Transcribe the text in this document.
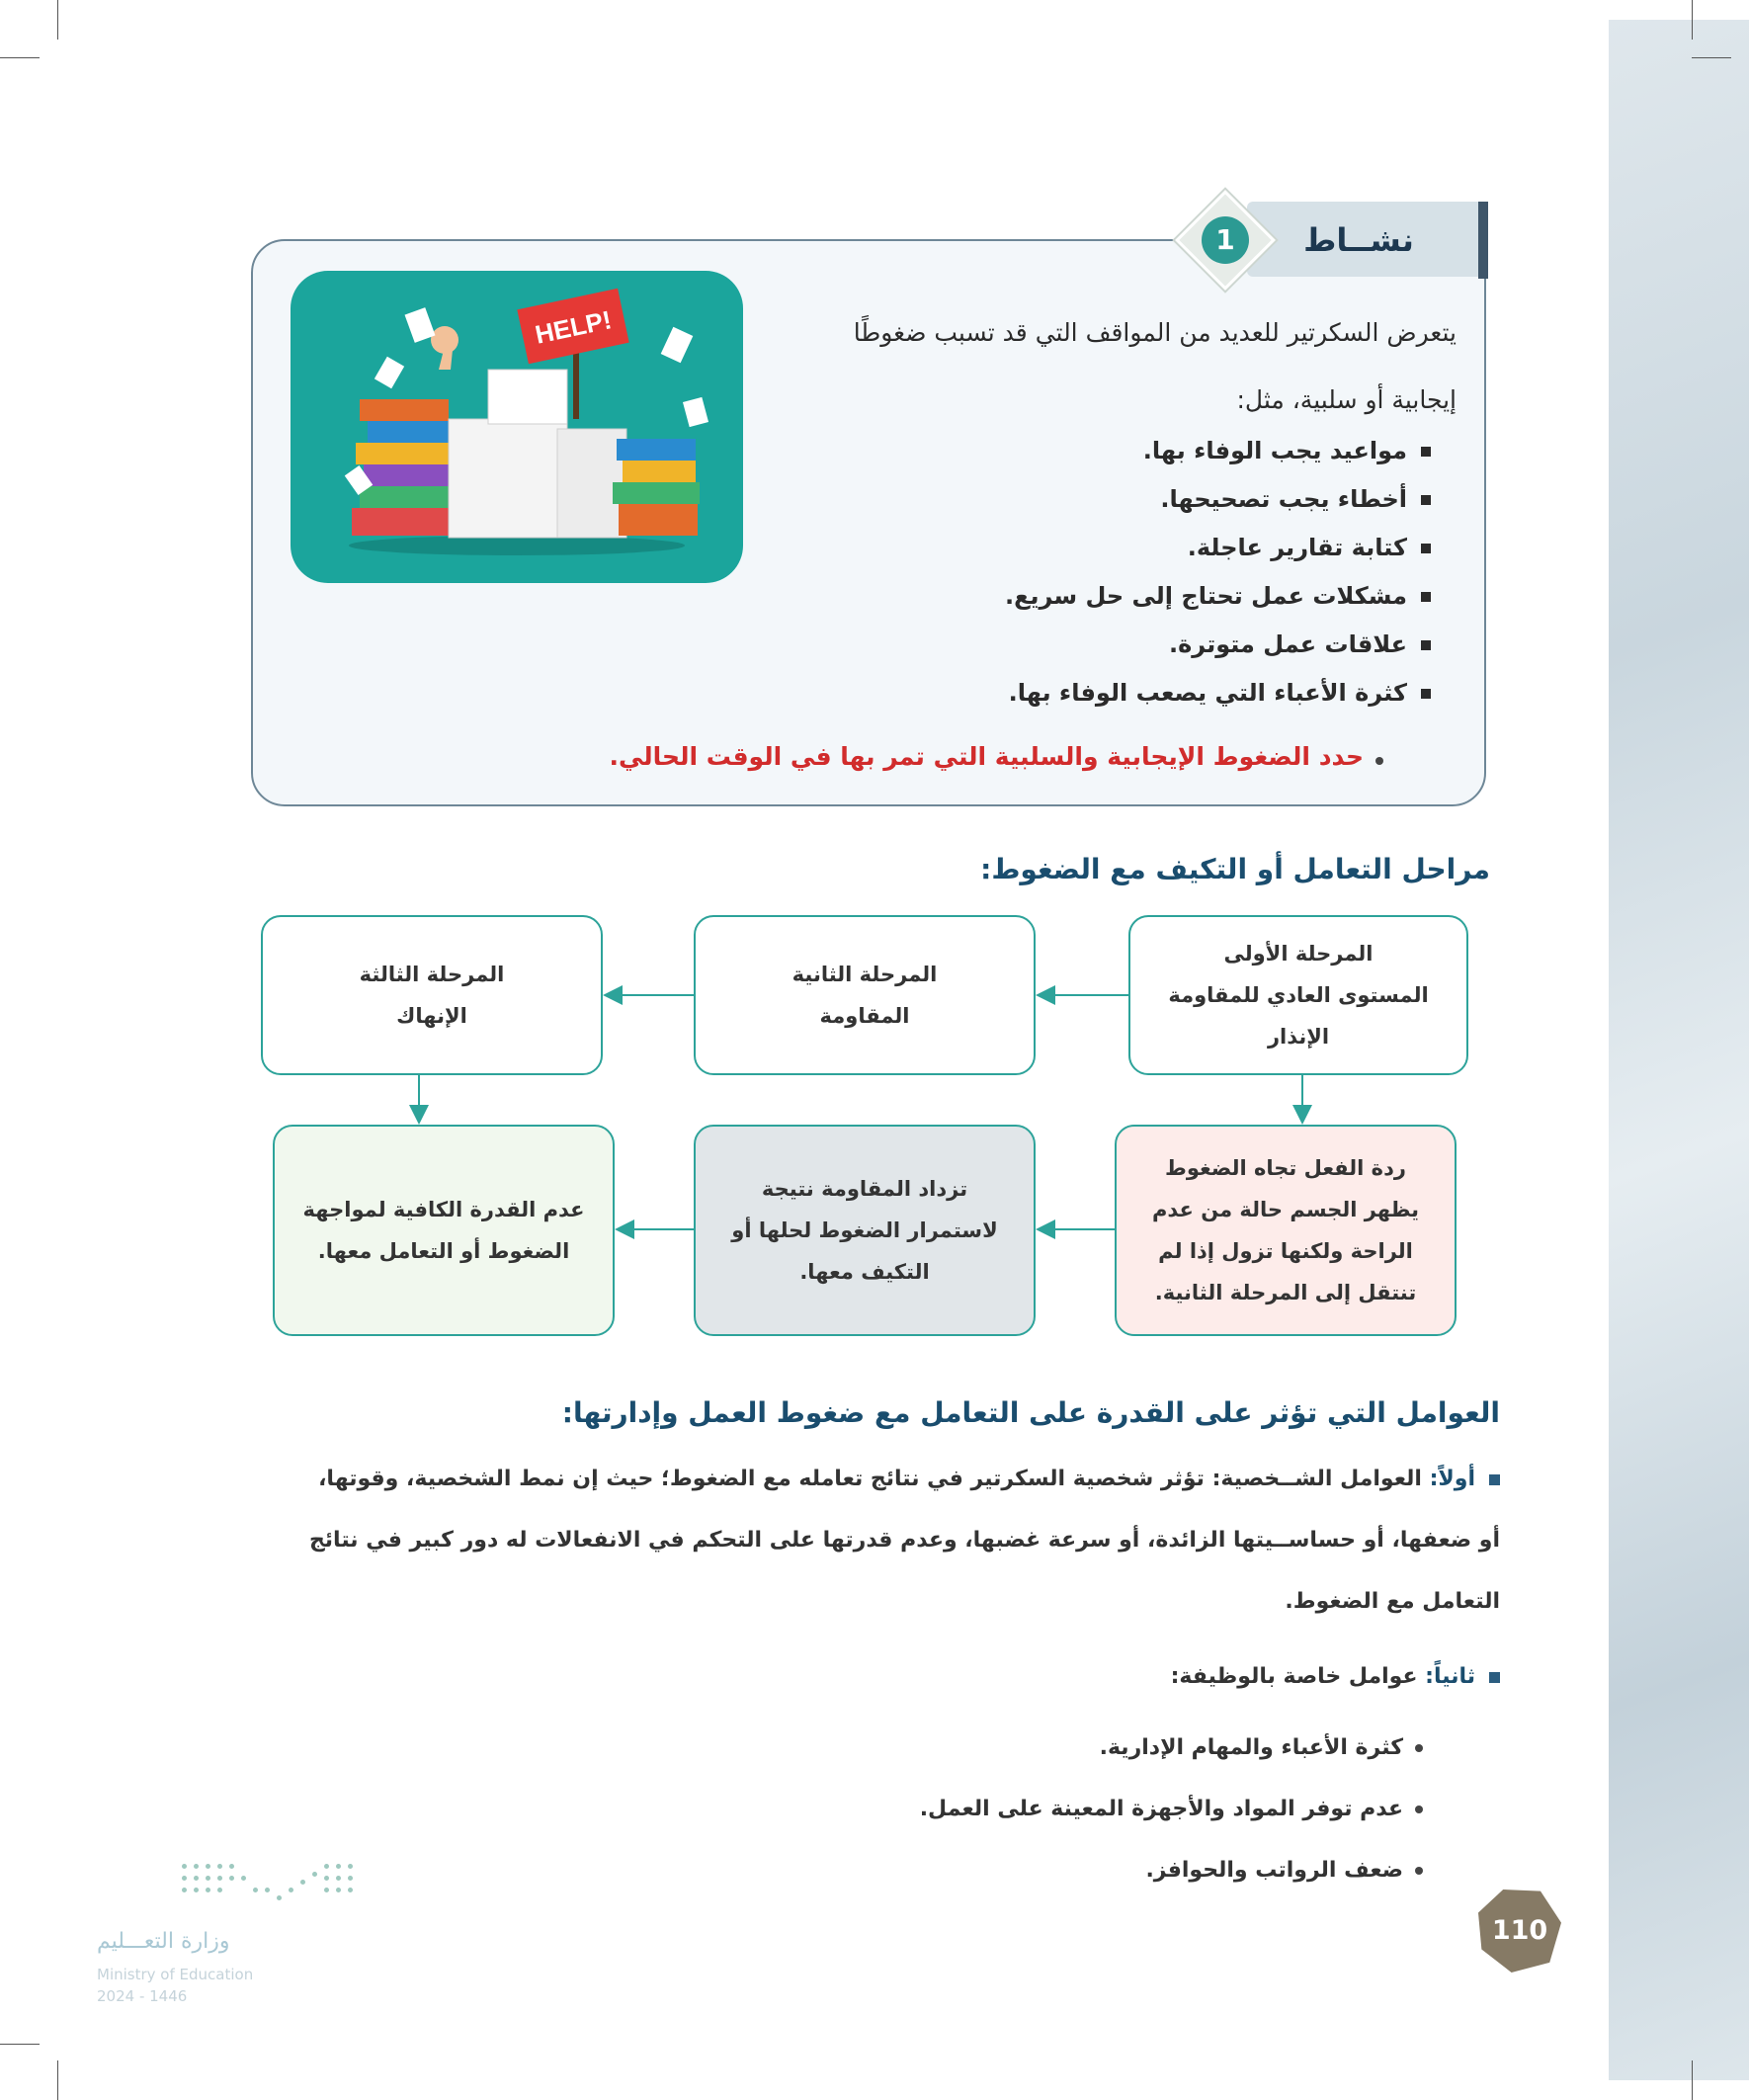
نشــاط
1
HELP!	يتعرض السكرتير للعديد من المواقف التي قد تسبب ضغوطًا
إيجابية أو سلبية، مثل:
مواعيد يجب الوفاء بها.
أخطاء يجب تصحيحها.
كتابة تقارير عاجلة.
مشكلات عمل تحتاج إلى حل سريع.
علاقات عمل متوترة.
كثرة الأعباء التي يصعب الوفاء بها.
حدد الضغوط الإيجابية والسلبية التي تمر بها في الوقت الحالي.
مراحل التعامل أو التكيف مع الضغوط:
المرحلة الأولى
المستوى العادي للمقاومة
الإنذار
المرحلة الثانية
المقاومة
المرحلة الثالثة
الإنهاك
ردة الفعل تجاه الضغوط
يظهر الجسم حالة من عدم
الراحة ولكنها تزول إذا لم
تنتقل إلى المرحلة الثانية.
تزداد المقاومة نتيجة
لاستمرار الضغوط لحلها أو
التكيف معها.
عدم القدرة الكافية لمواجهة
الضغوط أو التعامل معها.
العوامل التي تؤثر على القدرة على التعامل مع ضغوط العمل وإدارتها:
أولاً: العوامل الشــخصية: تؤثر شخصية السكرتير في نتائج تعامله مع الضغوط؛ حيث إن نمط الشخصية، وقوتها،
أو ضعفها، أو حساســيتها الزائدة، أو سرعة غضبها، وعدم قدرتها على التحكم في الانفعالات له دور كبير في نتائج
التعامل مع الضغوط.
ثانياً: عوامل خاصة بالوظيفة:
كثرة الأعباء والمهام الإدارية.
عدم توفر المواد والأجهزة المعينة على العمل.
ضعف الرواتب والحوافز.
110
وزارة التعـــليم
Ministry of Education
2024 - 1446
